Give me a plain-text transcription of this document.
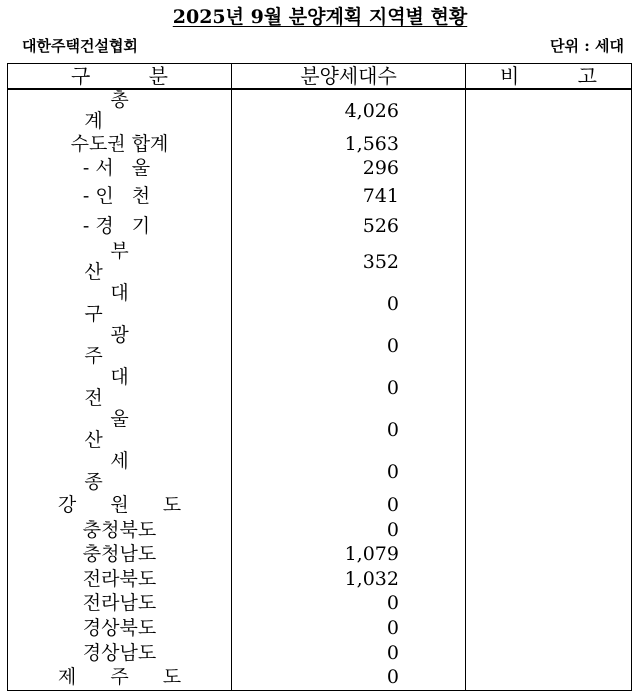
2025년 9월 분양계획 지역별 현황
대한주택건설협회	단위 : 세대
구 분	분양세대수	비 고
총 계	4,026	
수도권 합계	1,563	
-서 울	296	
-인 천	741	
-경 기	526	
부 산	352	
대 구	0	
광 주	0	
대 전	0	
울 산	0	
세 종	0	
강 원 도	0	
충청북도	0	
충청남도	1,079	
전라북도	1,032	
전라남도	0	
경상북도	0	
경상남도	0	
제 주 도	0	
